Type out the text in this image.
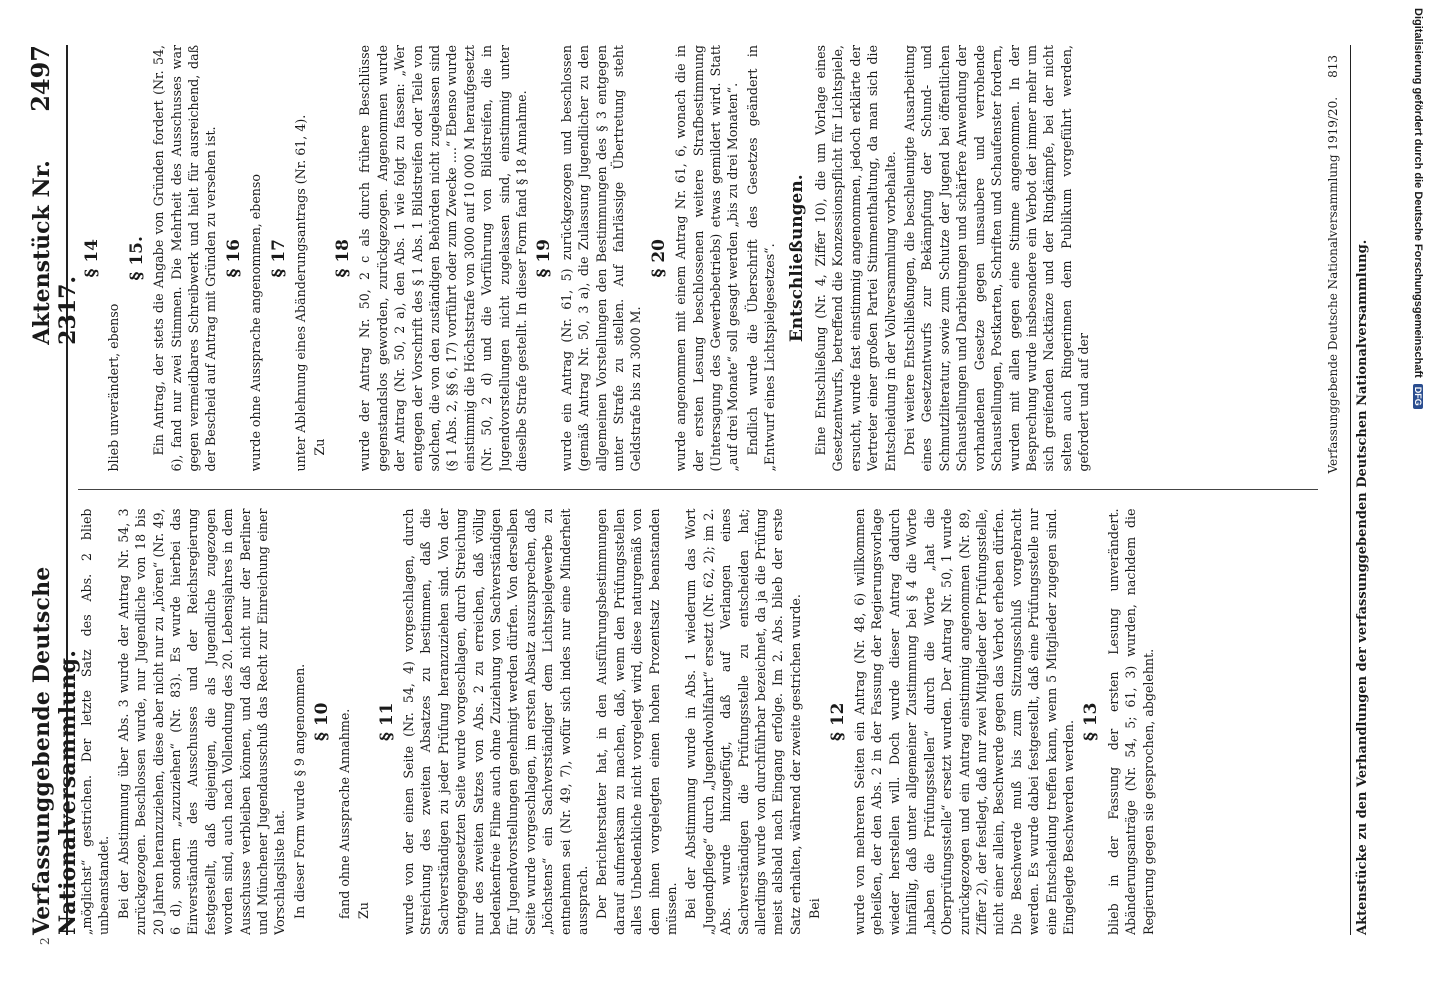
2
Verfassunggebende Deutsche Nationalversammlung.
Aktenstück Nr. 2317.
2497

„möglichst“ gestrichen. Der letzte Satz des Abs. 2 blieb unbeanstandet. Bei der Abstimmung über Abs. 3 wurde der Antrag Nr. 54, 3 zurückgezogen. Beschlossen wurde, nur Jugendliche von 18 bis 20 Jahren heranzuziehen, diese aber nicht nur zu „hören“ (Nr. 49, 6 d), sondern „zuzuziehen“ (Nr. 83). Es wurde hierbei das Einverständnis des Ausschusses und der Reichsregierung festgestellt, daß diejenigen, die als Jugendliche zugezogen worden sind, auch nach Vollendung des 20. Lebensjahres in dem Ausschusse verbleiben können, und daß nicht nur der Berliner und Münchener Jugendausschuß das Recht zur Einreichung einer Vorschlagsliste hat. In dieser Form wurde § 9 angenommen. § 10 fand ohne Aussprache Annahme. Zu

§ 11 wurde von der einen Seite (Nr. 54, 4) vorgeschlagen, durch Streichung des zweiten Absatzes zu bestimmen, daß die Sachverständigen zu jeder Prüfung heranzuziehen sind. Von der entgegengesetzten Seite wurde vorgeschlagen, durch Streichung nur des zweiten Satzes von Abs. 2 zu erreichen, daß völlig bedenkenfreie Filme auch ohne Zuziehung von Sachverständigen für Jugendvorstellungen genehmigt werden dürfen. Von derselben Seite wurde vorgeschlagen, im ersten Absatz auszusprechen, daß „höchstens“ ein Sachverständiger dem Lichtspielgewerbe zu entnehmen sei (Nr. 49, 7), wofür sich indes nur eine Minderheit aussprach. Der Berichterstatter hat, in den Ausführungsbestimmungen darauf aufmerksam zu machen, daß, wenn den Prüfungsstellen alles Unbedenkliche nicht vorgelegt wird, diese naturgemäß von dem ihnen vorgelegten einen hohen Prozentsatz beanstanden müssen. Bei der Abstimmung wurde in Abs. 1 wiederum das Wort „Jugendpflege“ durch „Jugendwohlfahrt“ ersetzt (Nr. 62, 2); im 2. Abs. wurde hinzugefügt, daß auf Verlangen eines Sachverständigen die Prüfungsstelle zu entscheiden hat; allerdings wurde von durchführbar bezeichnet, da ja die Prüfung meist alsbald nach Eingang erfolge. Im 2. Abs. blieb der erste Satz erhalten, während der zweite gestrichen wurde. Bei

§ 12 wurde von mehreren Seiten ein Antrag (Nr. 48, 6) willkommen geheißen, der den Abs. 2 in der Fassung der Regierungsvorlage wieder herstellen will. Doch wurde dieser Antrag dadurch hinfällig, daß unter allgemeiner Zustimmung bei § 4 die Worte „haben die Prüfungsstellen“ durch die Worte „hat die Oberprüfungsstelle“ ersetzt wurden. Der Antrag Nr. 50, 1 wurde zurückgezogen und ein Antrag einstimmig angenommen (Nr. 89, Ziffer 2), der festlegt, daß nur zwei Mitglieder der Prüfungsstelle, nicht einer allein, Beschwerde gegen das Verbot erheben dürfen. Die Beschwerde muß bis zum Sitzungsschluß vorgebracht werden. Es wurde dabei festgestellt, daß eine Prüfungsstelle nur eine Entscheidung treffen kann, wenn 5 Mitglieder zugegen sind. Eingelegte Beschwerden werden. § 13 blieb in der Fassung der ersten Lesung unverändert. Abänderungsanträge (Nr. 54, 5; 61, 3) wurden, nachdem die Regierung gegen sie gesprochen, abgelehnt.

§ 14

blieb unverändert, ebenso

§ 15. Ein Antrag, der stets die Angabe von Gründen fordert (Nr. 54, 6), fand nur zwei Stimmen. Die Mehrheit des Ausschusses war gegen vermeidbares Schreibwerk und hielt für ausreichend, daß der Bescheid auf Antrag mit Gründen zu versehen ist. § 16 wurde ohne Aussprache angenommen, ebenso § 17 unter Ablehnung eines Abänderungsantrags (Nr. 61, 4). Zu

§ 18 wurde der Antrag Nr. 50, 2 c als durch frühere Beschlüsse gegenstandslos geworden, zurückgezogen. Angenommen wurde der Antrag (Nr. 50, 2 a), den Abs. 1 wie folgt zu fassen: „Wer entgegen der Vorschrift des § 1 Abs. 1 Bildstreifen oder Teile von solchen, die von den zuständigen Behörden nicht zugelassen sind (§ 1 Abs. 2, §§ 6, 17) vorführt oder zum Zwecke ....“ Ebenso wurde einstimmig die Höchststrafe von 3000 auf 10 000 M heraufgesetzt (Nr. 50, 2 d) und die Vorführung von Bildstreifen, die in Jugendvorstellungen nicht zugelassen sind, einstimmig unter dieselbe Strafe gestellt. In dieser Form fand § 18 Annahme. § 19 wurde ein Antrag (Nr. 61, 5) zurückgezogen und beschlossen (gemäß Antrag Nr. 50, 3 a), die Zulassung Jugendlicher zu den allgemeinen Vorstellungen den Bestimmungen des § 3 entgegen unter Strafe zu stellen. Auf fahrlässige Übertretung steht Geldstrafe bis zu 3000 M.

§ 20 wurde angenommen mit einem Antrag Nr. 61, 6, wonach die in der ersten Lesung beschlossenen weitere Strafbestimmung (Untersagung des Gewerbebetriebs) etwas gemildert wird. Statt „auf drei Monate“ soll gesagt werden „bis zu drei Monaten“. Endlich wurde die Überschrift des Gesetzes geändert in „Entwurf eines Lichtspielgesetzes“. Entschließungen. Eine Entschließung (Nr. 4, Ziffer 10), die um Vorlage eines Gesetzentwurfs, betreffend die Konzessionspflicht für Lichtspiele, ersucht, wurde fast einstimmig angenommen, jedoch erklärte der Vertreter einer großen Partei Stimmenthaltung, da man sich die Entscheidung in der Vollversammlung vorbehalte. Drei weitere Entschließungen, die beschleunigte Ausarbeitung eines Gesetzentwurfs zur Bekämpfung der Schund- und Schmutzliteratur, sowie zum Schutze der Jugend bei öffentlichen Schaustellungen und Darbietungen und schärfere Anwendung der vorhandenen Gesetze gegen unsaubere und verrohende Schaustellungen, Postkarten, Schriften und Schaufenster fordern, wurden mit allen gegen eine Stimme angenommen. In der Besprechung wurde insbesondere ein Verbot der immer mehr um sich greifenden Nacktänze und der Ringkämpfe, bei der nicht selten auch Ringerinnen dem Publikum vorgeführt werden, gefordert und auf der	Verfassunggebende Deutsche Nationalversammlung 1919/20.     813
Aktenstücke zu den Verhandlungen der verfassunggebenden Deutschen Nationalversammlung.
Digitalisierung gefördert durch die Deutsche Forschungsgemeinschaft
DFG
